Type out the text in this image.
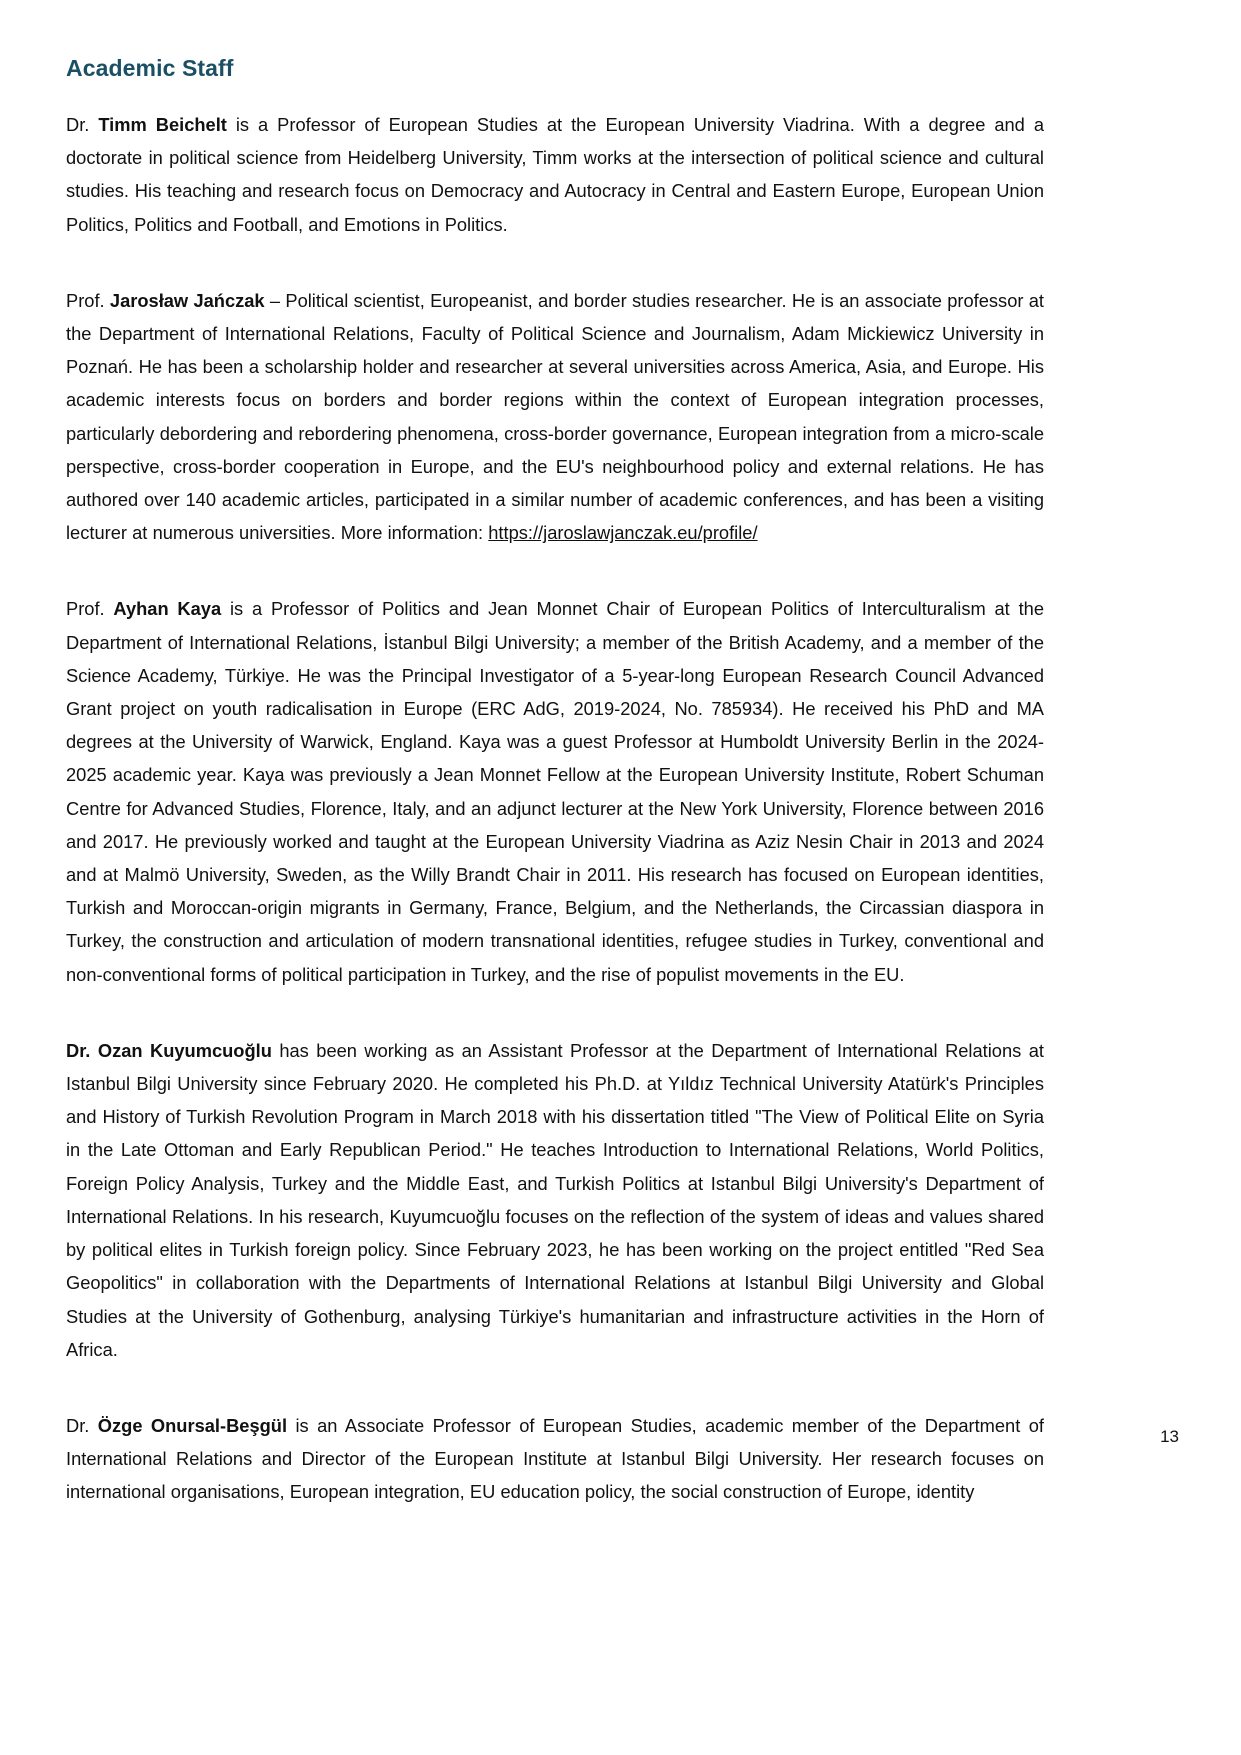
Academic Staff

Dr. Timm Beichelt is a Professor of European Studies at the European University Viadrina. With a degree and a doctorate in political science from Heidelberg University, Timm works at the intersection of political science and cultural studies. His teaching and research focus on Democracy and Autocracy in Central and Eastern Europe, European Union Politics, Politics and Football, and Emotions in Politics.

Prof. Jarosław Jańczak – Political scientist, Europeanist, and border studies researcher. He is an associate professor at the Department of International Relations, Faculty of Political Science and Journalism, Adam Mickiewicz University in Poznań. He has been a scholarship holder and researcher at several universities across America, Asia, and Europe. His academic interests focus on borders and border regions within the context of European integration processes, particularly debordering and rebordering phenomena, cross-border governance, European integration from a micro-scale perspective, cross-border cooperation in Europe, and the EU's neighbourhood policy and external relations. He has authored over 140 academic articles, participated in a similar number of academic conferences, and has been a visiting lecturer at numerous universities. More information: https://jaroslawjanczak.eu/profile/

Prof. Ayhan Kaya is a Professor of Politics and Jean Monnet Chair of European Politics of Interculturalism at the Department of International Relations, İstanbul Bilgi University; a member of the British Academy, and a member of the Science Academy, Türkiye. He was the Principal Investigator of a 5-year-long European Research Council Advanced Grant project on youth radicalisation in Europe (ERC AdG, 2019-2024, No. 785934). He received his PhD and MA degrees at the University of Warwick, England. Kaya was a guest Professor at Humboldt University Berlin in the 2024-2025 academic year. Kaya was previously a Jean Monnet Fellow at the European University Institute, Robert Schuman Centre for Advanced Studies, Florence, Italy, and an adjunct lecturer at the New York University, Florence between 2016 and 2017. He previously worked and taught at the European University Viadrina as Aziz Nesin Chair in 2013 and 2024 and at Malmö University, Sweden, as the Willy Brandt Chair in 2011. His research has focused on European identities, Turkish and Moroccan-origin migrants in Germany, France, Belgium, and the Netherlands, the Circassian diaspora in Turkey, the construction and articulation of modern transnational identities, refugee studies in Turkey, conventional and non-conventional forms of political participation in Turkey, and the rise of populist movements in the EU.

Dr. Ozan Kuyumcuoğlu has been working as an Assistant Professor at the Department of International Relations at Istanbul Bilgi University since February 2020. He completed his Ph.D. at Yıldız Technical University Atatürk's Principles and History of Turkish Revolution Program in March 2018 with his dissertation titled "The View of Political Elite on Syria in the Late Ottoman and Early Republican Period." He teaches Introduction to International Relations, World Politics, Foreign Policy Analysis, Turkey and the Middle East, and Turkish Politics at Istanbul Bilgi University's Department of International Relations. In his research, Kuyumcuoğlu focuses on the reflection of the system of ideas and values shared by political elites in Turkish foreign policy. Since February 2023, he has been working on the project entitled "Red Sea Geopolitics" in collaboration with the Departments of International Relations at Istanbul Bilgi University and Global Studies at the University of Gothenburg, analysing Türkiye's humanitarian and infrastructure activities in the Horn of Africa.

Dr. Özge Onursal-Beşgül is an Associate Professor of European Studies, academic member of the Department of International Relations and Director of the European Institute at Istanbul Bilgi University. Her research focuses on international organisations, European integration, EU education policy, the social construction of Europe, identity

13
